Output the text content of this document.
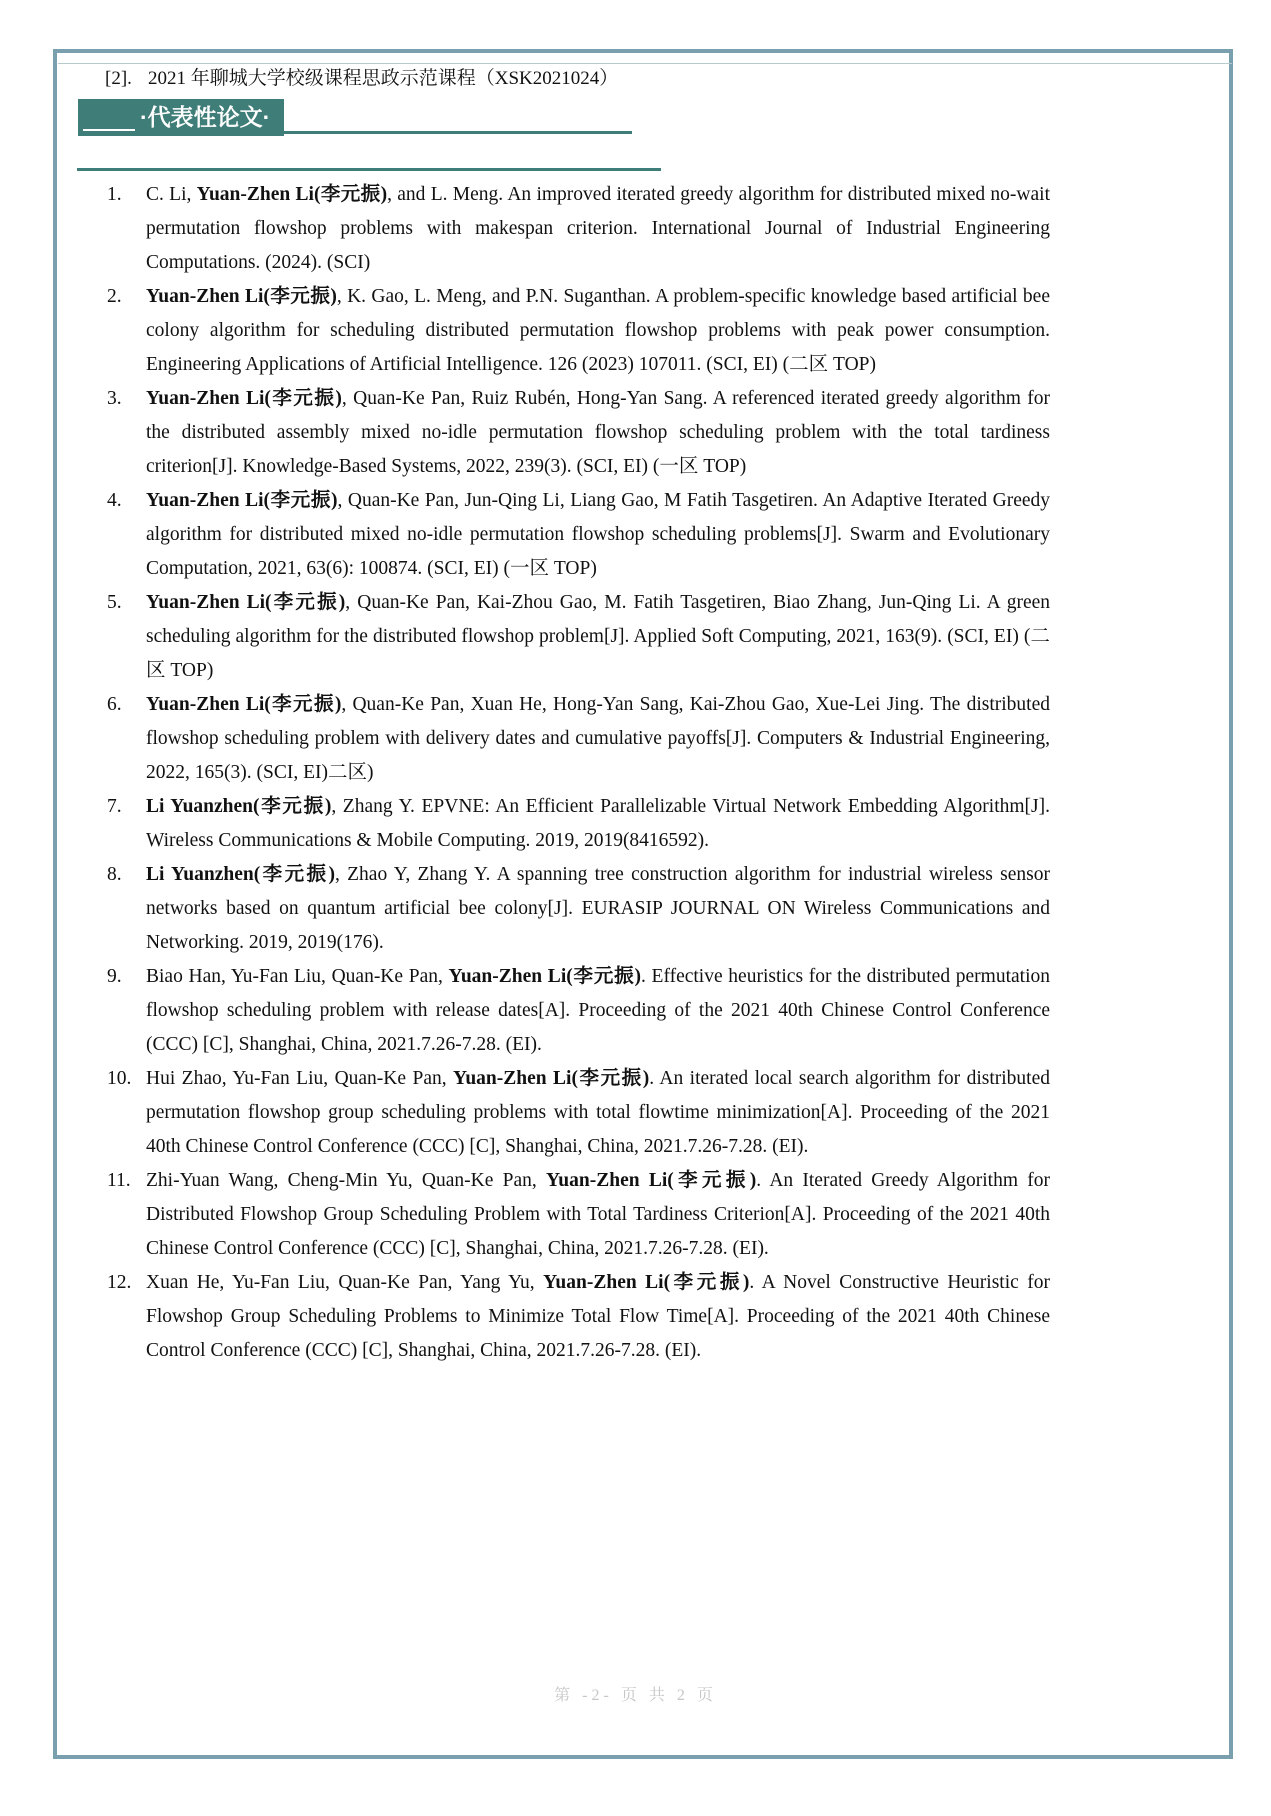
[2]. 2021 年聊城大学校级课程思政示范课程（XSK2021024）
·代表性论文·
1.	C. Li, Yuan-Zhen Li(李元振), and L. Meng. An improved iterated greedy algorithm for distributed mixed no-wait permutation flowshop problems with makespan criterion. International Journal of Industrial Engineering Computations. (2024). (SCI)
2.	Yuan-Zhen Li(李元振), K. Gao, L. Meng, and P.N. Suganthan. A problem-specific knowledge based artificial bee colony algorithm for scheduling distributed permutation flowshop problems with peak power consumption. Engineering Applications of Artificial Intelligence. 126 (2023) 107011. (SCI, EI) (二区 TOP)
3.	Yuan-Zhen Li(李元振), Quan-Ke Pan, Ruiz Rubén, Hong-Yan Sang. A referenced iterated greedy algorithm for the distributed assembly mixed no-idle permutation flowshop scheduling problem with the total tardiness criterion[J]. Knowledge-Based Systems, 2022, 239(3). (SCI, EI) (一区 TOP)
4.	Yuan-Zhen Li(李元振), Quan-Ke Pan, Jun-Qing Li, Liang Gao, M Fatih Tasgetiren. An Adaptive Iterated Greedy algorithm for distributed mixed no-idle permutation flowshop scheduling problems[J]. Swarm and Evolutionary Computation, 2021, 63(6): 100874. (SCI, EI) (一区 TOP)
5.	Yuan-Zhen Li(李元振), Quan-Ke Pan, Kai-Zhou Gao, M. Fatih Tasgetiren, Biao Zhang, Jun-Qing Li. A green scheduling algorithm for the distributed flowshop problem[J]. Applied Soft Computing, 2021, 163(9). (SCI, EI) (二区 TOP)
6.	Yuan-Zhen Li(李元振), Quan-Ke Pan, Xuan He, Hong-Yan Sang, Kai-Zhou Gao, Xue-Lei Jing. The distributed flowshop scheduling problem with delivery dates and cumulative payoffs[J]. Computers & Industrial Engineering, 2022, 165(3). (SCI, EI)二区)
7.	Li Yuanzhen(李元振), Zhang Y. EPVNE: An Efficient Parallelizable Virtual Network Embedding Algorithm[J]. Wireless Communications & Mobile Computing. 2019, 2019(8416592).
8.	Li Yuanzhen(李元振), Zhao Y, Zhang Y. A spanning tree construction algorithm for industrial wireless sensor networks based on quantum artificial bee colony[J]. EURASIP JOURNAL ON Wireless Communications and Networking. 2019, 2019(176).
9.	Biao Han, Yu-Fan Liu, Quan-Ke Pan, Yuan-Zhen Li(李元振). Effective heuristics for the distributed permutation flowshop scheduling problem with release dates[A]. Proceeding of the 2021 40th Chinese Control Conference (CCC) [C], Shanghai, China, 2021.7.26-7.28. (EI).
10. Hui Zhao, Yu-Fan Liu, Quan-Ke Pan, Yuan-Zhen Li(李元振). An iterated local search algorithm for distributed permutation flowshop group scheduling problems with total flowtime minimization[A]. Proceeding of the 2021 40th Chinese Control Conference (CCC) [C], Shanghai, China, 2021.7.26-7.28. (EI).
11. Zhi-Yuan Wang, Cheng-Min Yu, Quan-Ke Pan, Yuan-Zhen Li(李元振). An Iterated Greedy Algorithm for Distributed Flowshop Group Scheduling Problem with Total Tardiness Criterion[A]. Proceeding of the 2021 40th Chinese Control Conference (CCC) [C], Shanghai, China, 2021.7.26-7.28. (EI).
12. Xuan He, Yu-Fan Liu, Quan-Ke Pan, Yang Yu, Yuan-Zhen Li(李元振). A Novel Constructive Heuristic for Flowshop Group Scheduling Problems to Minimize Total Flow Time[A]. Proceeding of the 2021 40th Chinese Control Conference (CCC) [C], Shanghai, China, 2021.7.26-7.28. (EI).
第 -2- 页 共 2 页
